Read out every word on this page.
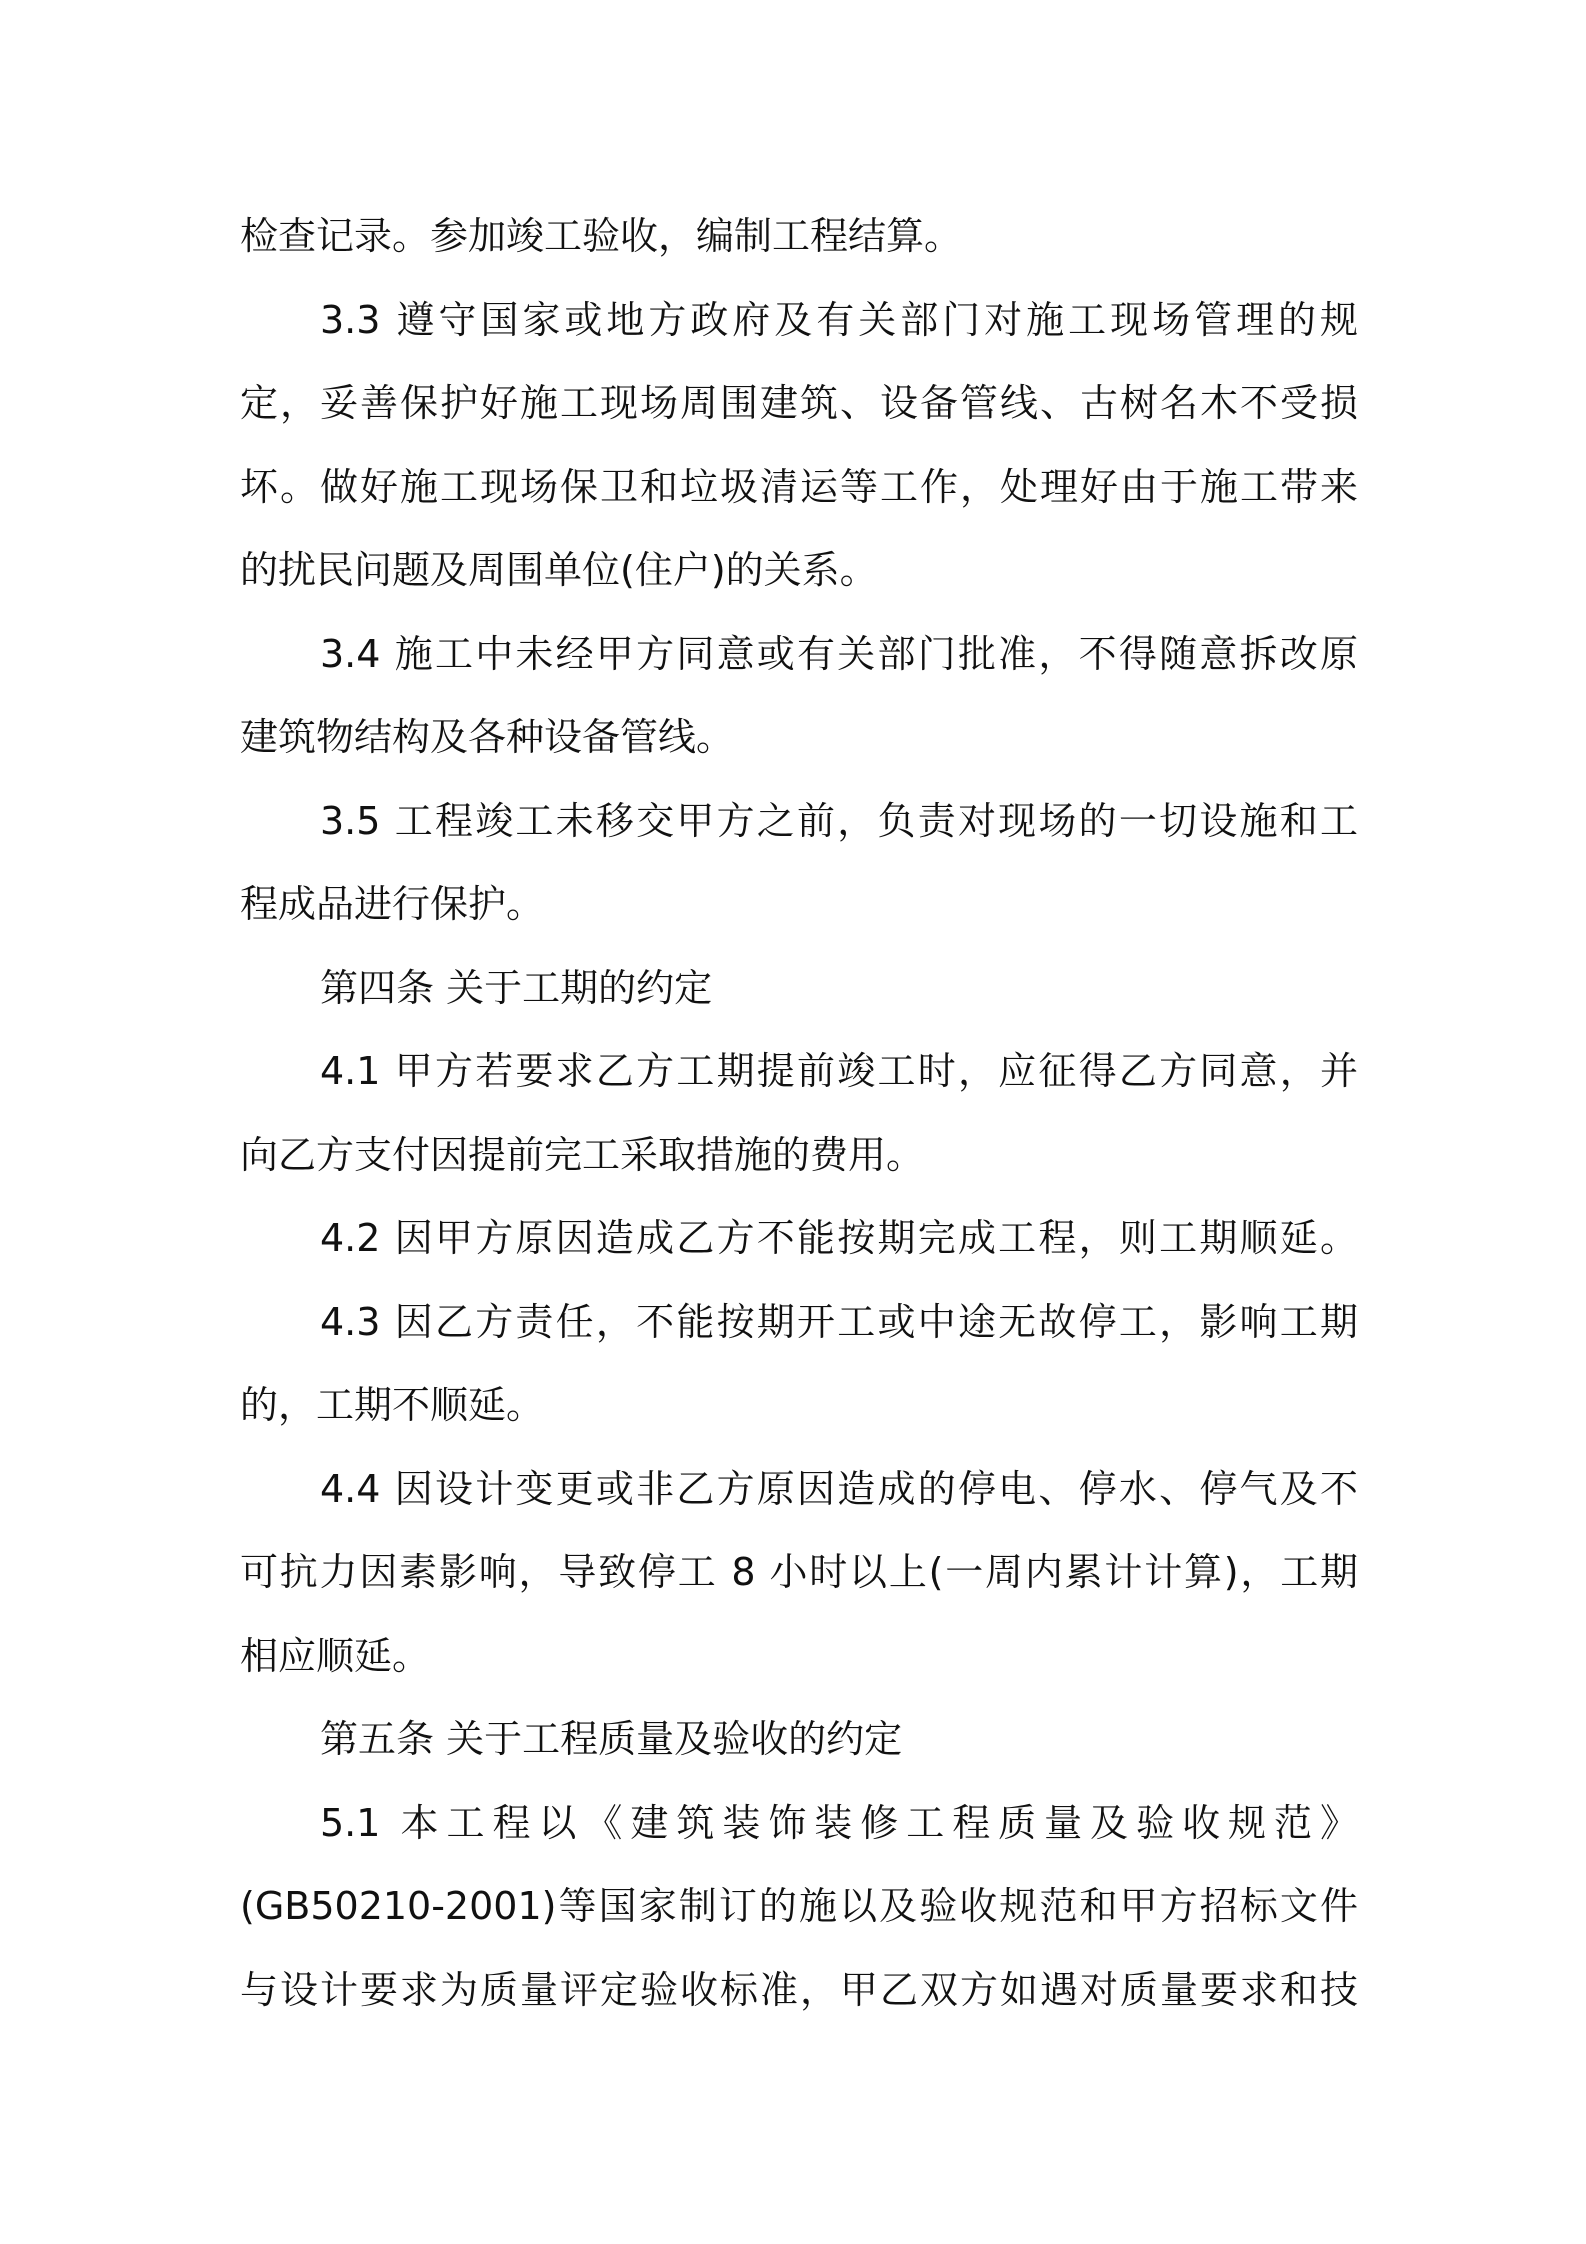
检查记录。参加竣工验收，编制工程结算。
3.3 遵守国家或地方政府及有关部门对施工现场管理的规
定，妥善保护好施工现场周围建筑、设备管线、古树名木不受损
坏。做好施工现场保卫和垃圾清运等工作，处理好由于施工带来
的扰民问题及周围单位(住户)的关系。
3.4 施工中未经甲方同意或有关部门批准，不得随意拆改原
建筑物结构及各种设备管线。
3.5 工程竣工未移交甲方之前，负责对现场的一切设施和工
程成品进行保护。
第四条 关于工期的约定
4.1 甲方若要求乙方工期提前竣工时，应征得乙方同意，并
向乙方支付因提前完工采取措施的费用。
4.2 因甲方原因造成乙方不能按期完成工程，则工期顺延。
4.3 因乙方责任，不能按期开工或中途无故停工，影响工期
的，工期不顺延。
4.4 因设计变更或非乙方原因造成的停电、停水、停气及不
可抗力因素影响，导致停工 8 小时以上(一周内累计计算)，工期
相应顺延。
第五条 关于工程质量及验收的约定
5.1 本工程以《建筑装饰装修工程质量及验收规范》
(GB50210-2001)等国家制订的施以及验收规范和甲方招标文件
与设计要求为质量评定验收标准，甲乙双方如遇对质量要求和技
